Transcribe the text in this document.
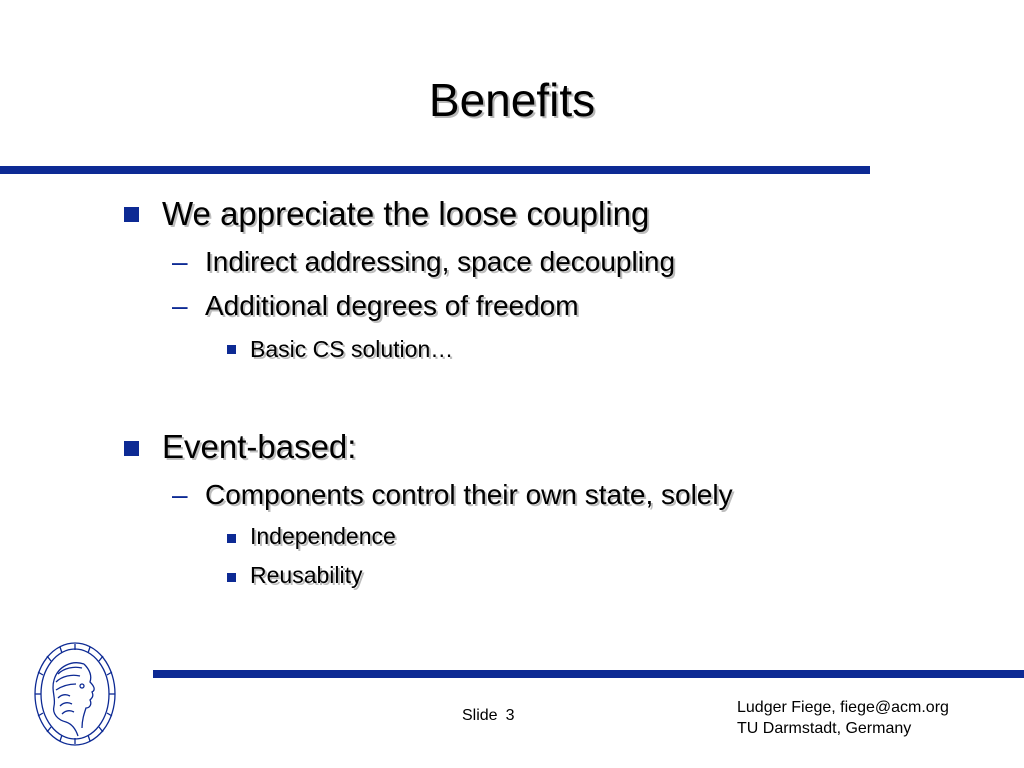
Benefits
We appreciate the loose coupling
– Indirect addressing, space decoupling
– Additional degrees of freedom
Basic CS solution…
Event-based:
– Components control their own state, solely
Independence
Reusability
Slide 3	Ludger Fiege, fiege@acm.org
TU Darmstadt, Germany
